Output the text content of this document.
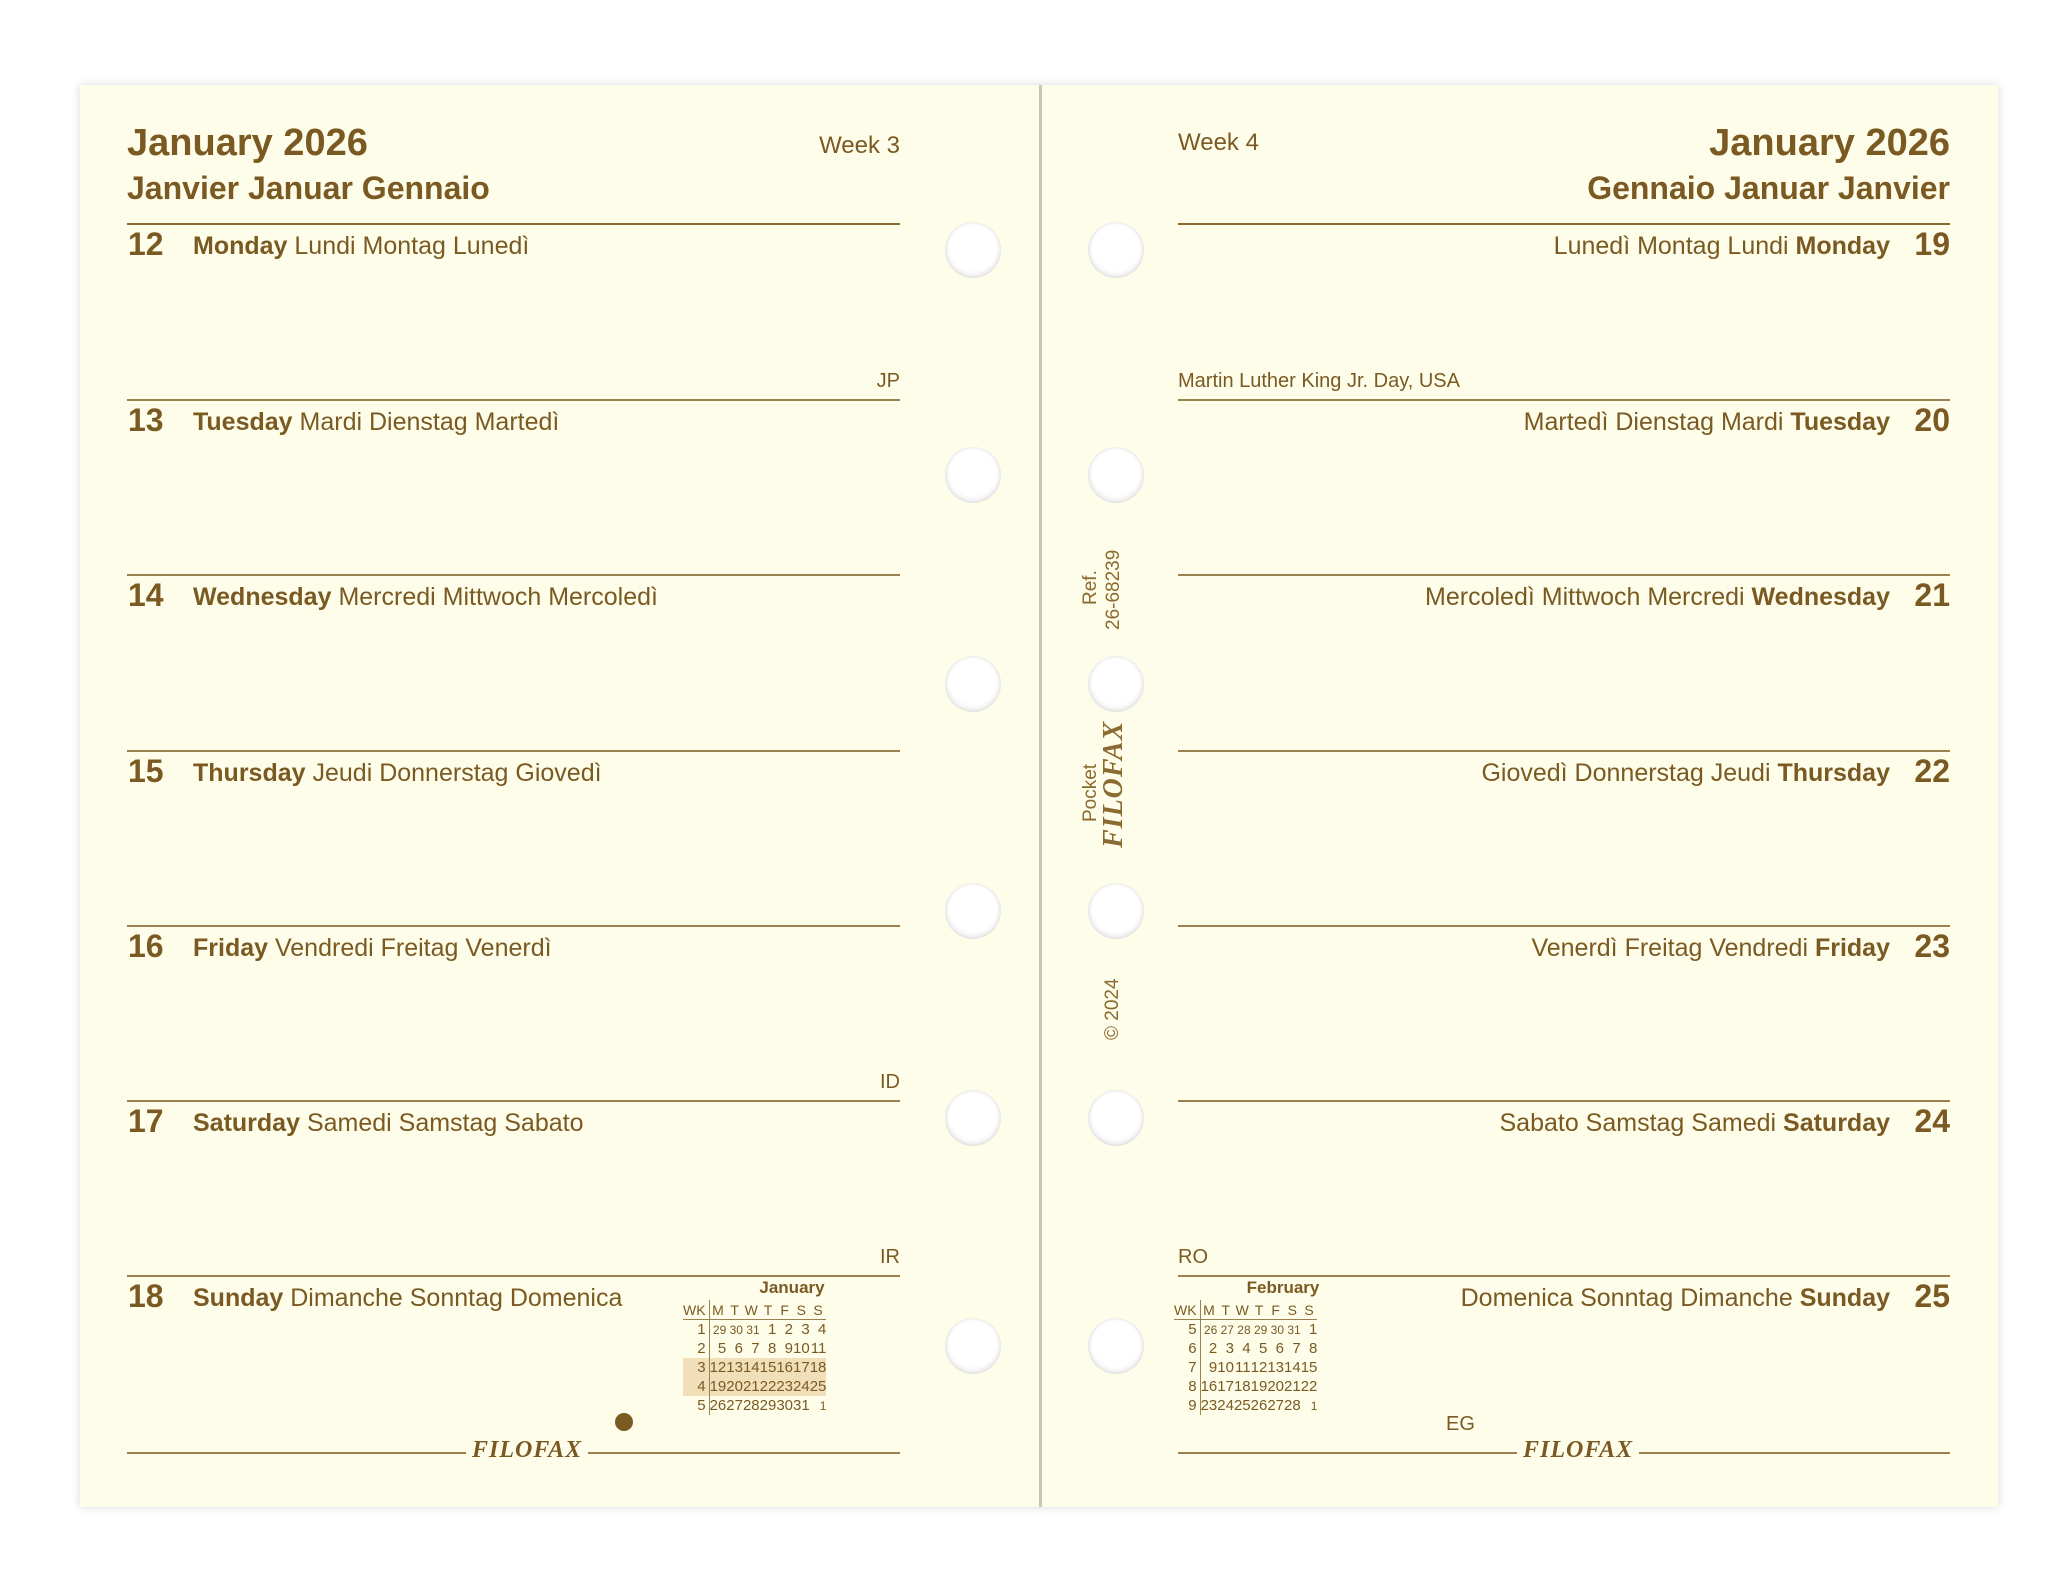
January 2026
Janvier Januar Gennaio
Week 3	Week 4	January 2026
Gennaio Januar Janvier
12 Monday Lundi Montag Lunedì
JP
13 Tuesday Mardi Dienstag Martedì
14 Wednesday Mercredi Mittwoch Mercoledì
15 Thursday Jeudi Donnerstag Giovedì
16 Friday Vendredi Freitag Venerdì
ID
17 Saturday Samedi Samstag Sabato
IR
18 Sunday Dimanche Sonntag Domenica	January
WK	M	T	W	T	F	S	S
1	29	30	31	1	2	3	4
2	5	6	7	8	9	10	11
3	12	13	14	15	16	17	18
4	19	20	21	22	23	24	25
5	26	27	28	29	30	31	1
FILOFAX
Lunedì Montag Lundi Monday 19
Martin Luther King Jr. Day, USA
Martedì Dienstag Mardi Tuesday 20
Mercoledì Mittwoch Mercredi Wednesday 21
Giovedì Donnerstag Jeudi Thursday 22
Venerdì Freitag Vendredi Friday 23
Sabato Samstag Samedi Saturday 24
RO
Domenica Sonntag Dimanche Sunday 25
EG
February
WK	M	T	W	T	F	S	S
5	26	27	28	29	30	31	1
6	2	3	4	5	6	7	8
7	9	10	11	12	13	14	15
8	16	17	18	19	20	21	22
9	23	24	25	26	27	28	1
FILOFAX
Ref. 26-68239
Pocket
FILOFAX
© 2024
